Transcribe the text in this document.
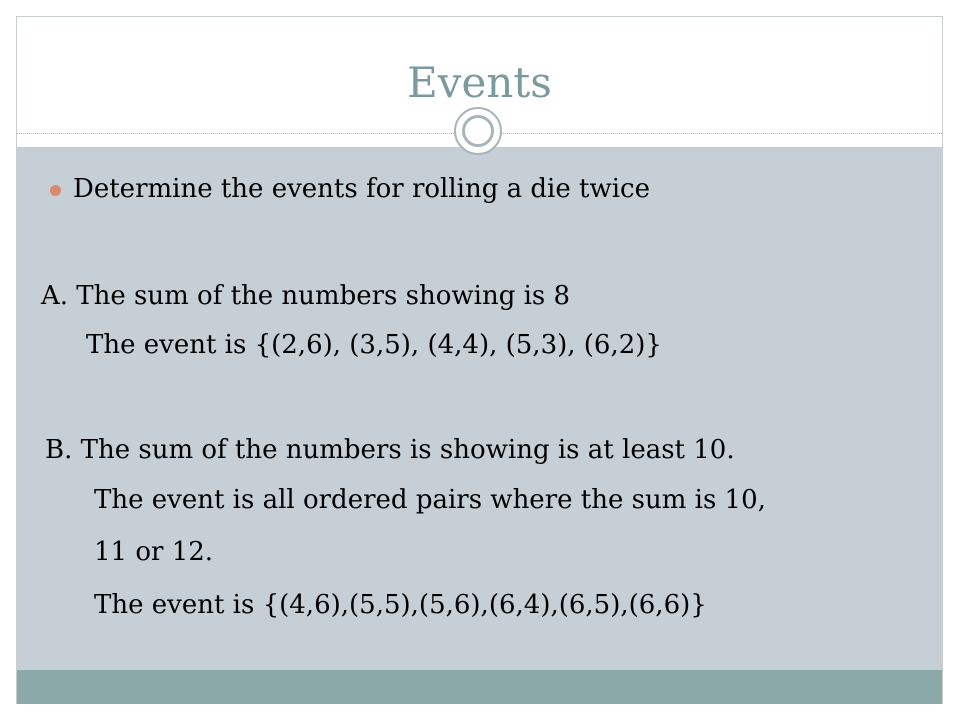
Events
Determine the events for rolling a die twice
A. The sum of the numbers showing is 8
The event is {(2,6), (3,5), (4,4), (5,3), (6,2)}
B. The sum of the numbers is showing is at least 10.
The event is all ordered pairs where the sum is 10,
11 or 12.
The event is {(4,6),(5,5),(5,6),(6,4),(6,5),(6,6)}
